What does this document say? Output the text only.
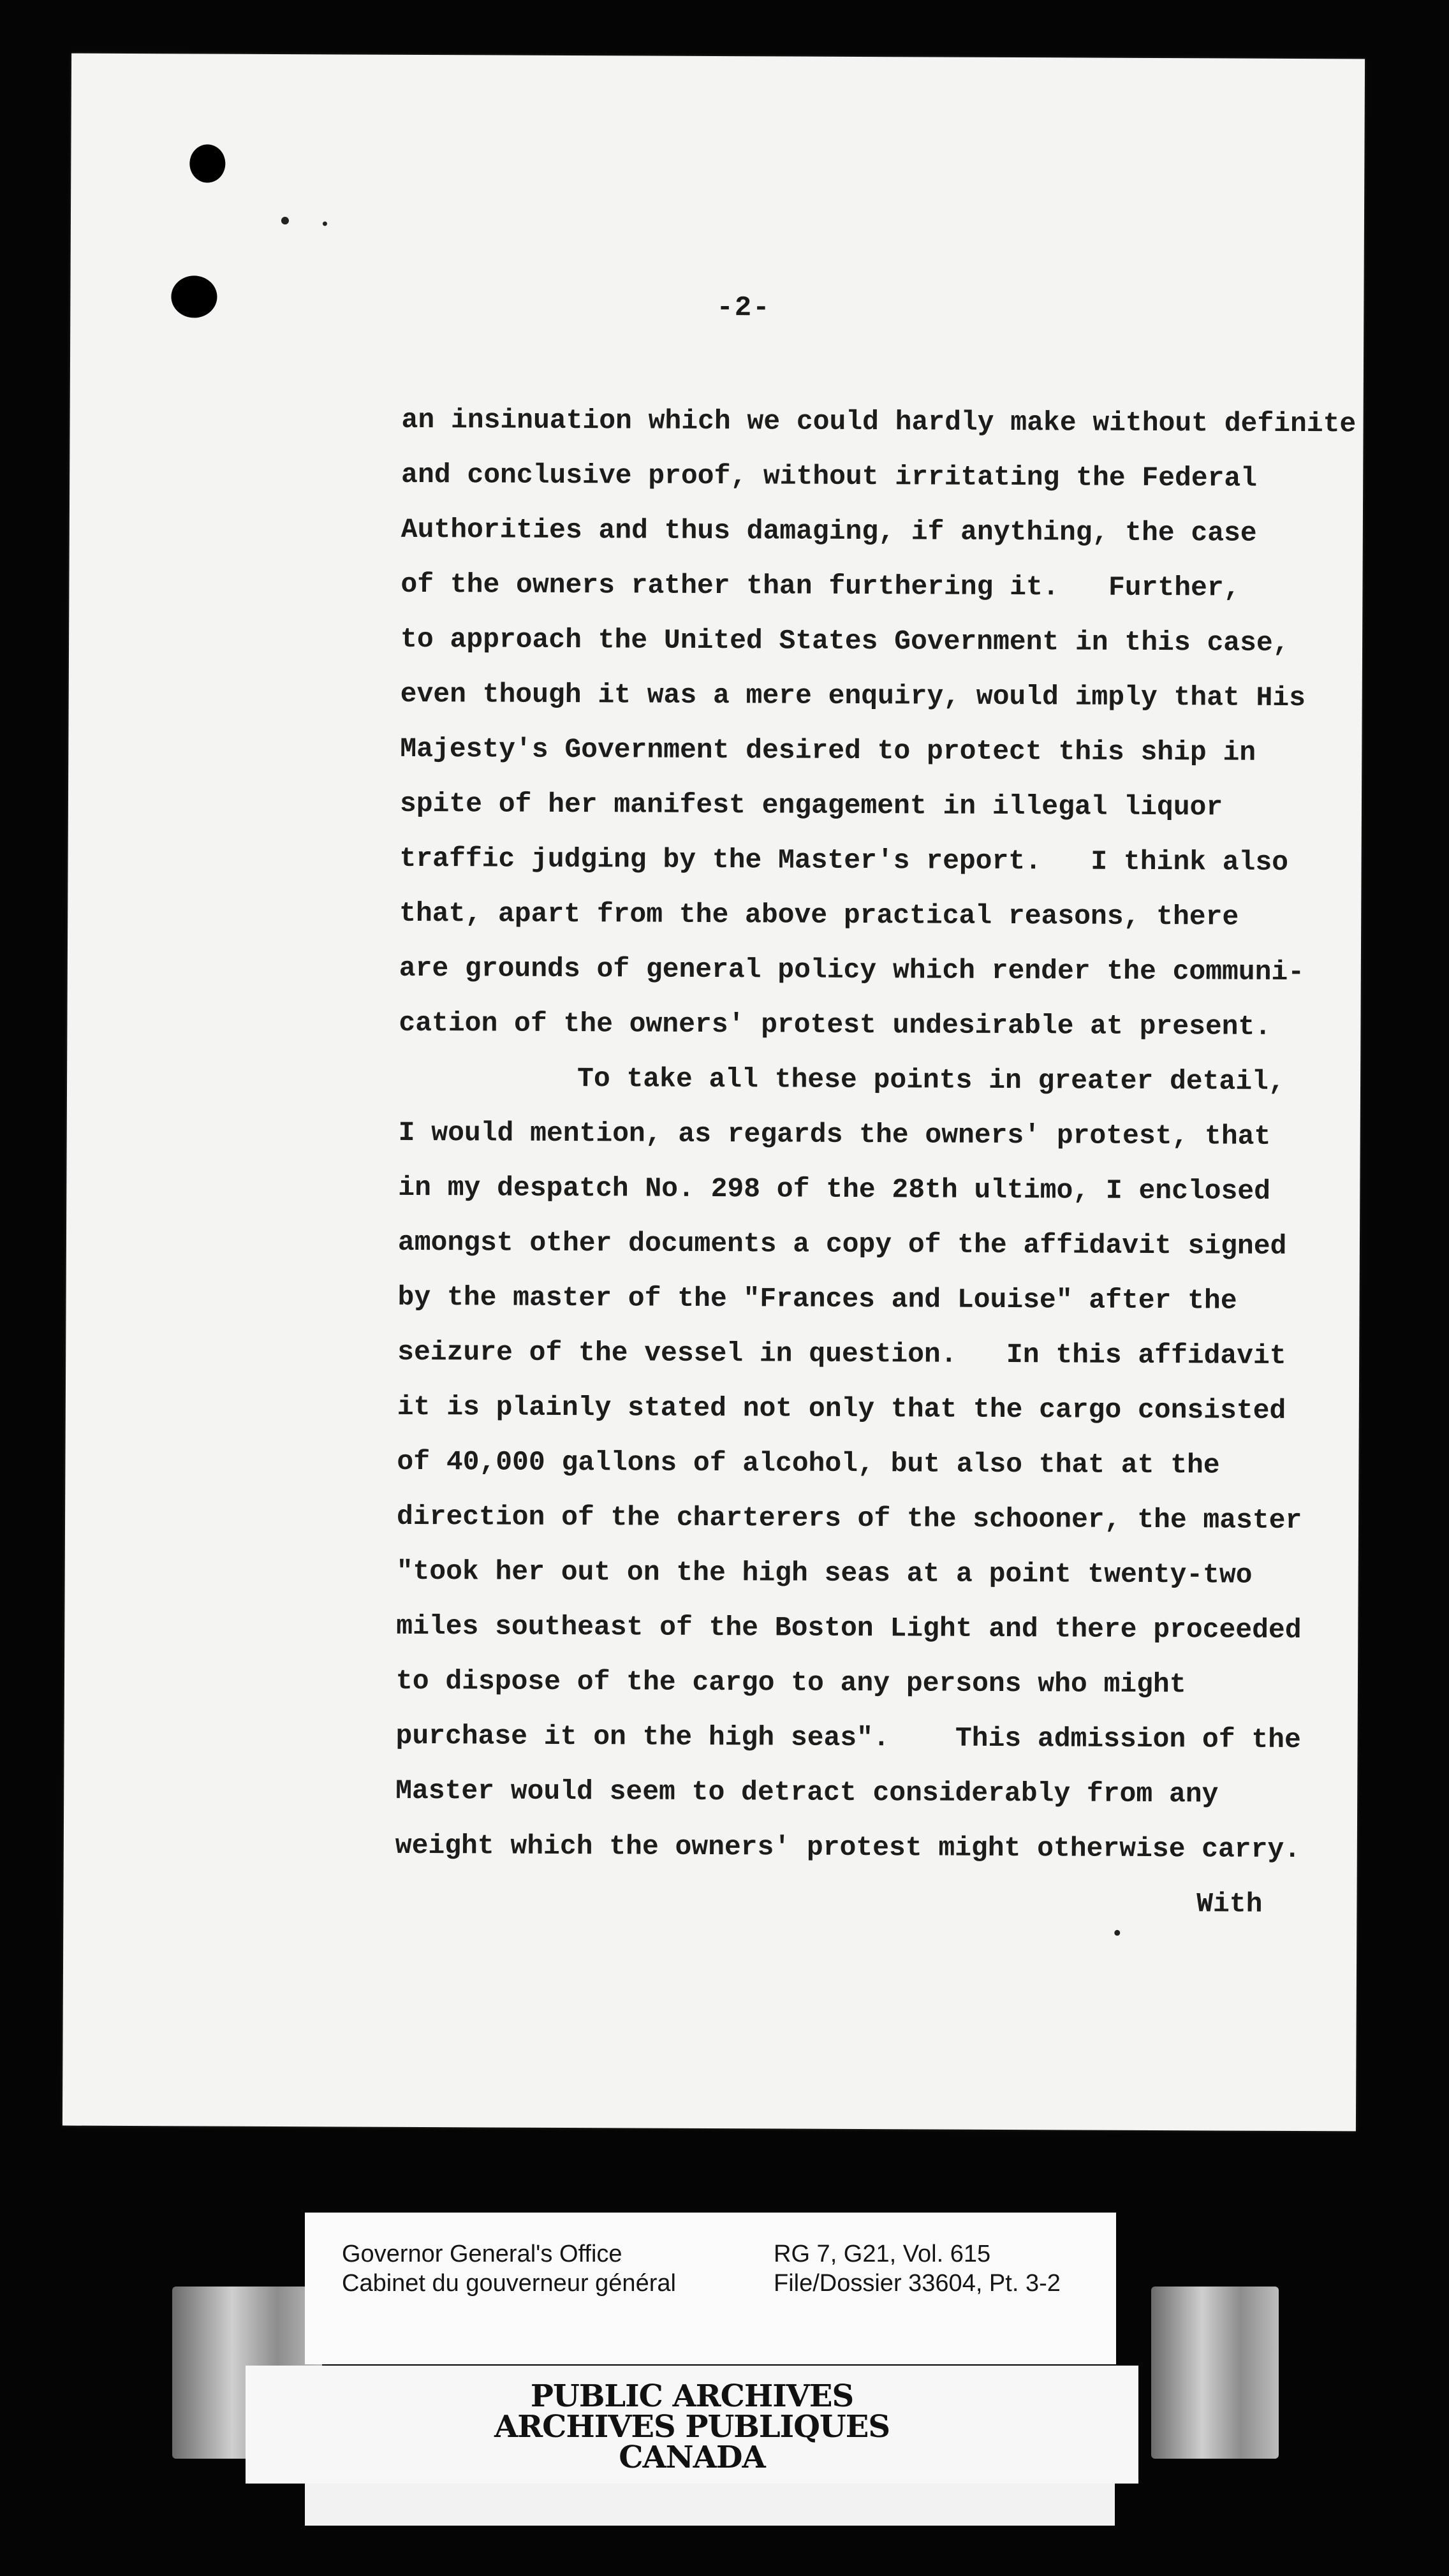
-2-
an insinuation which we could hardly make without definite
and conclusive proof, without irritating the Federal
Authorities and thus damaging, if anything, the case
of the owners rather than furthering it.   Further,
to approach the United States Government in this case,
even though it was a mere enquiry, would imply that His
Majesty's Government desired to protect this ship in
spite of her manifest engagement in illegal liquor
traffic judging by the Master's report.   I think also
that, apart from the above practical reasons, there
are grounds of general policy which render the communi-
cation of the owners' protest undesirable at present.
To take all these points in greater detail,
I would mention, as regards the owners' protest, that
in my despatch No. 298 of the 28th ultimo, I enclosed
amongst other documents a copy of the affidavit signed
by the master of the "Frances and Louise" after the
seizure of the vessel in question.   In this affidavit
it is plainly stated not only that the cargo consisted
of 40,000 gallons of alcohol, but also that at the
direction of the charterers of the schooner, the master
"took her out on the high seas at a point twenty-two
miles southeast of the Boston Light and there proceeded
to dispose of the cargo to any persons who might
purchase it on the high seas".    This admission of the
Master would seem to detract considerably from any
weight which the owners' protest might otherwise carry.
With
Governor General's Office
Cabinet du gouverneur général
RG 7, G21, Vol. 615
File/Dossier 33604, Pt. 3-2
PUBLIC ARCHIVES
ARCHIVES PUBLIQUES
CANADA
